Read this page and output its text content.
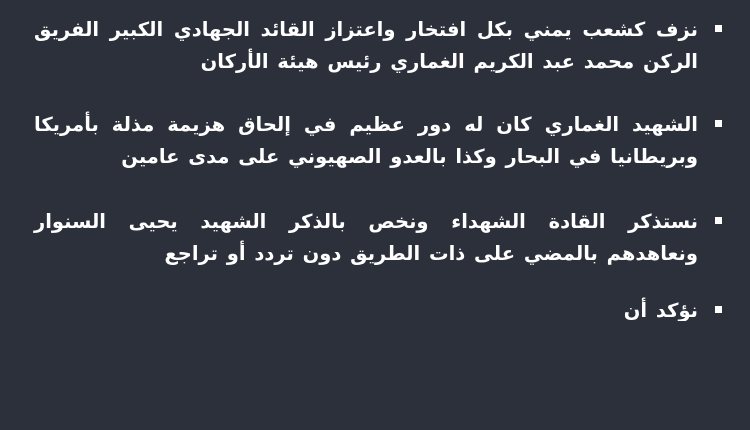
نزف كشعب يمني بكل افتخار واعتزاز القائد الجهادي الكبير الفريق الركن محمد عبد الكريم الغماري رئيس هيئة الأركان
الشهيد الغماري كان له دور عظيم في إلحاق هزيمة مذلة بأمريكا وبريطانيا في البحار وكذا بالعدو الصهيوني على مدى عامين
نستذكر القادة الشهداء ونخص بالذكر الشهيد يحيى السنوار ونعاهدهم بالمضي على ذات الطريق دون تردد أو تراجع
نؤكد أن
